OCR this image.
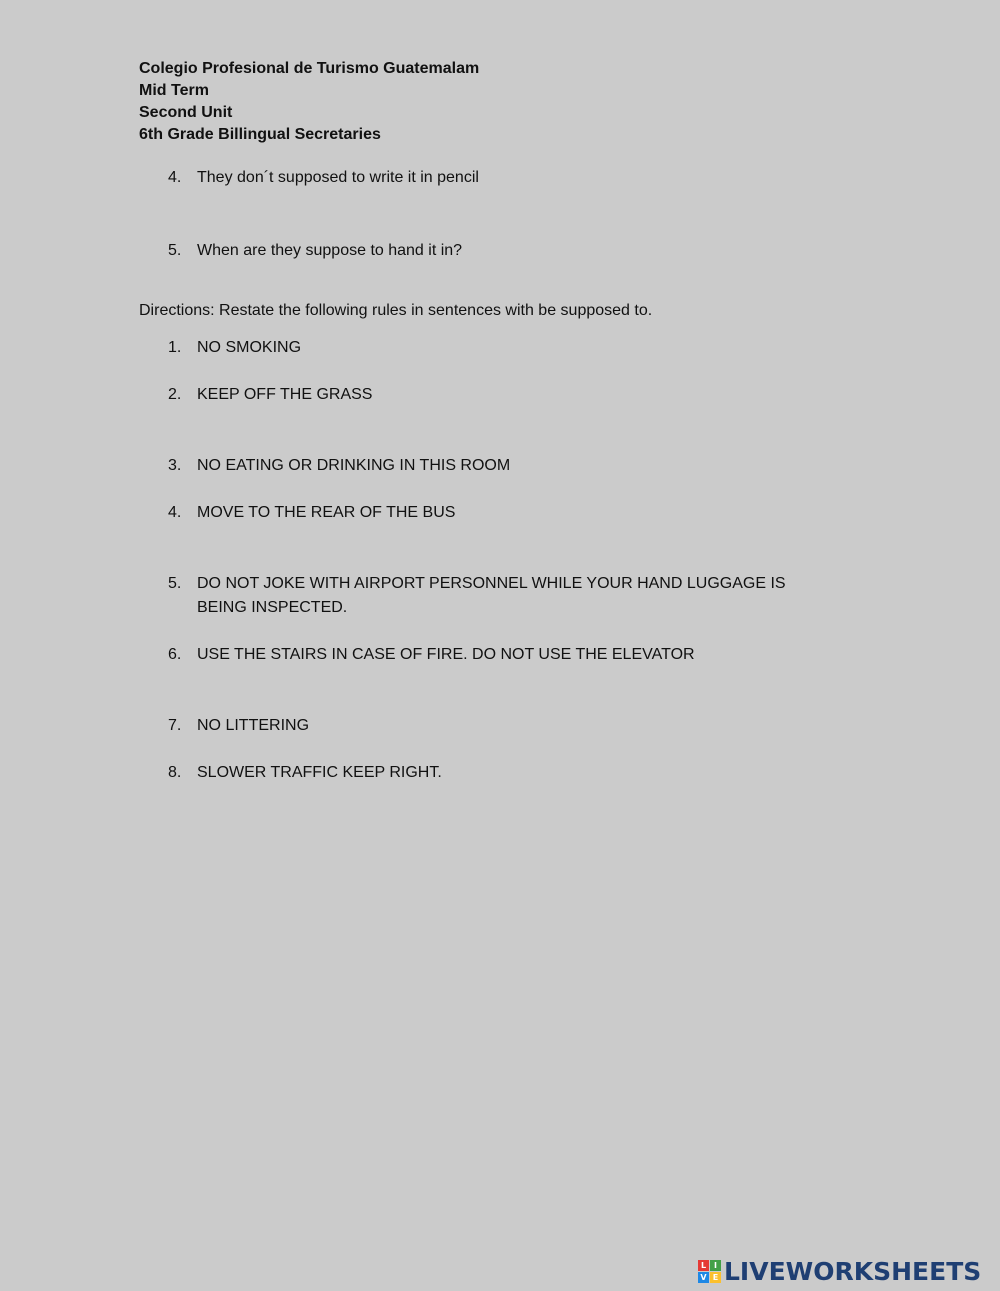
Colegio Profesional de Turismo Guatemalam
Mid Term
Second Unit
6th Grade Billingual Secretaries
4. They don´t supposed to write it in pencil
5. When are they suppose to hand it in?
Directions: Restate the following rules in sentences with be supposed to.
1. NO SMOKING
2. KEEP OFF THE GRASS
3. NO EATING OR DRINKING IN THIS ROOM
4. MOVE TO THE REAR OF THE BUS
5. DO NOT JOKE WITH AIRPORT PERSONNEL WHILE YOUR HAND LUGGAGE IS BEING INSPECTED.
6. USE THE STAIRS IN CASE OF FIRE. DO NOT USE THE ELEVATOR
7. NO LITTERING
8. SLOWER TRAFFIC KEEP RIGHT.
L I
V E LIVEWORKSHEETS
